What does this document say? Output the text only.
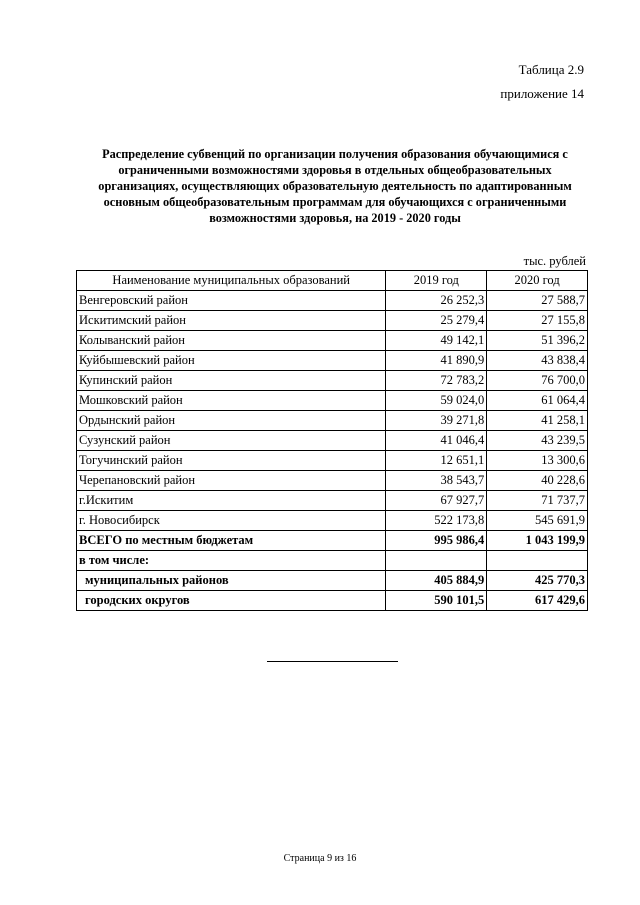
Таблица 2.9
приложение 14
Распределение субвенций по организации получения образования обучающимися с ограниченными возможностями здоровья в отдельных общеобразовательных организациях, осуществляющих образовательную деятельность по адаптированным основным общеобразовательным программам для обучающихся с ограниченными возможностями здоровья, на 2019 - 2020 годы
тыс. рублей
Наименование муниципальных образований	2019 год	2020 год
Венгеровский район	26 252,3	27 588,7
Искитимский район	25 279,4	27 155,8
Колыванский район	49 142,1	51 396,2
Куйбышевский район	41 890,9	43 838,4
Купинский район	72 783,2	76 700,0
Мошковский район	59 024,0	61 064,4
Ордынский район	39 271,8	41 258,1
Сузунский район	41 046,4	43 239,5
Тогучинский район	12 651,1	13 300,6
Черепановский район	38 543,7	40 228,6
г.Искитим	67 927,7	71 737,7
г. Новосибирск	522 173,8	545 691,9
ВСЕГО по местным бюджетам	995 986,4	1 043 199,9
в том числе:		
муниципальных районов	405 884,9	425 770,3
городских округов	590 101,5	617 429,6
Страница 9 из 16
